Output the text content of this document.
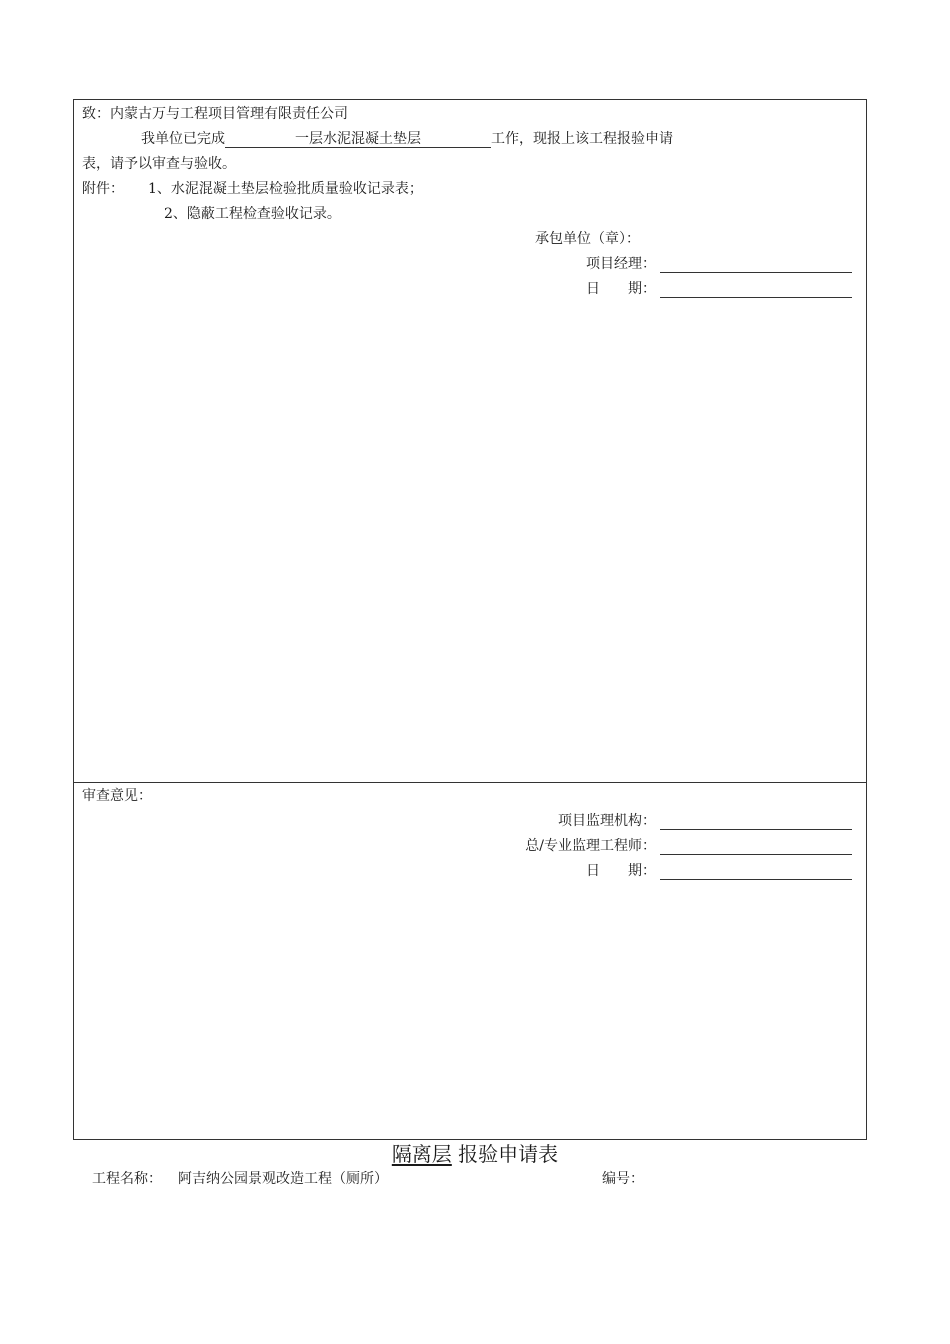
致：内蒙古万与工程项目管理有限责任公司
我单位已完成	一层水泥混凝土垫层	工作，现报上该工程报验申请
表，请予以审查与验收。
附件： 1、水泥混凝土垫层检验批质量验收记录表；
2、隐蔽工程检查验收记录。
承包单位（章）：
项目经理：
日　　期：
审查意见：
项目监理机构：
总/专业监理工程师：
日　　期：
隔离层 报验申请表
工程名称： 阿吉纳公园景观改造工程（厕所）	编号：
